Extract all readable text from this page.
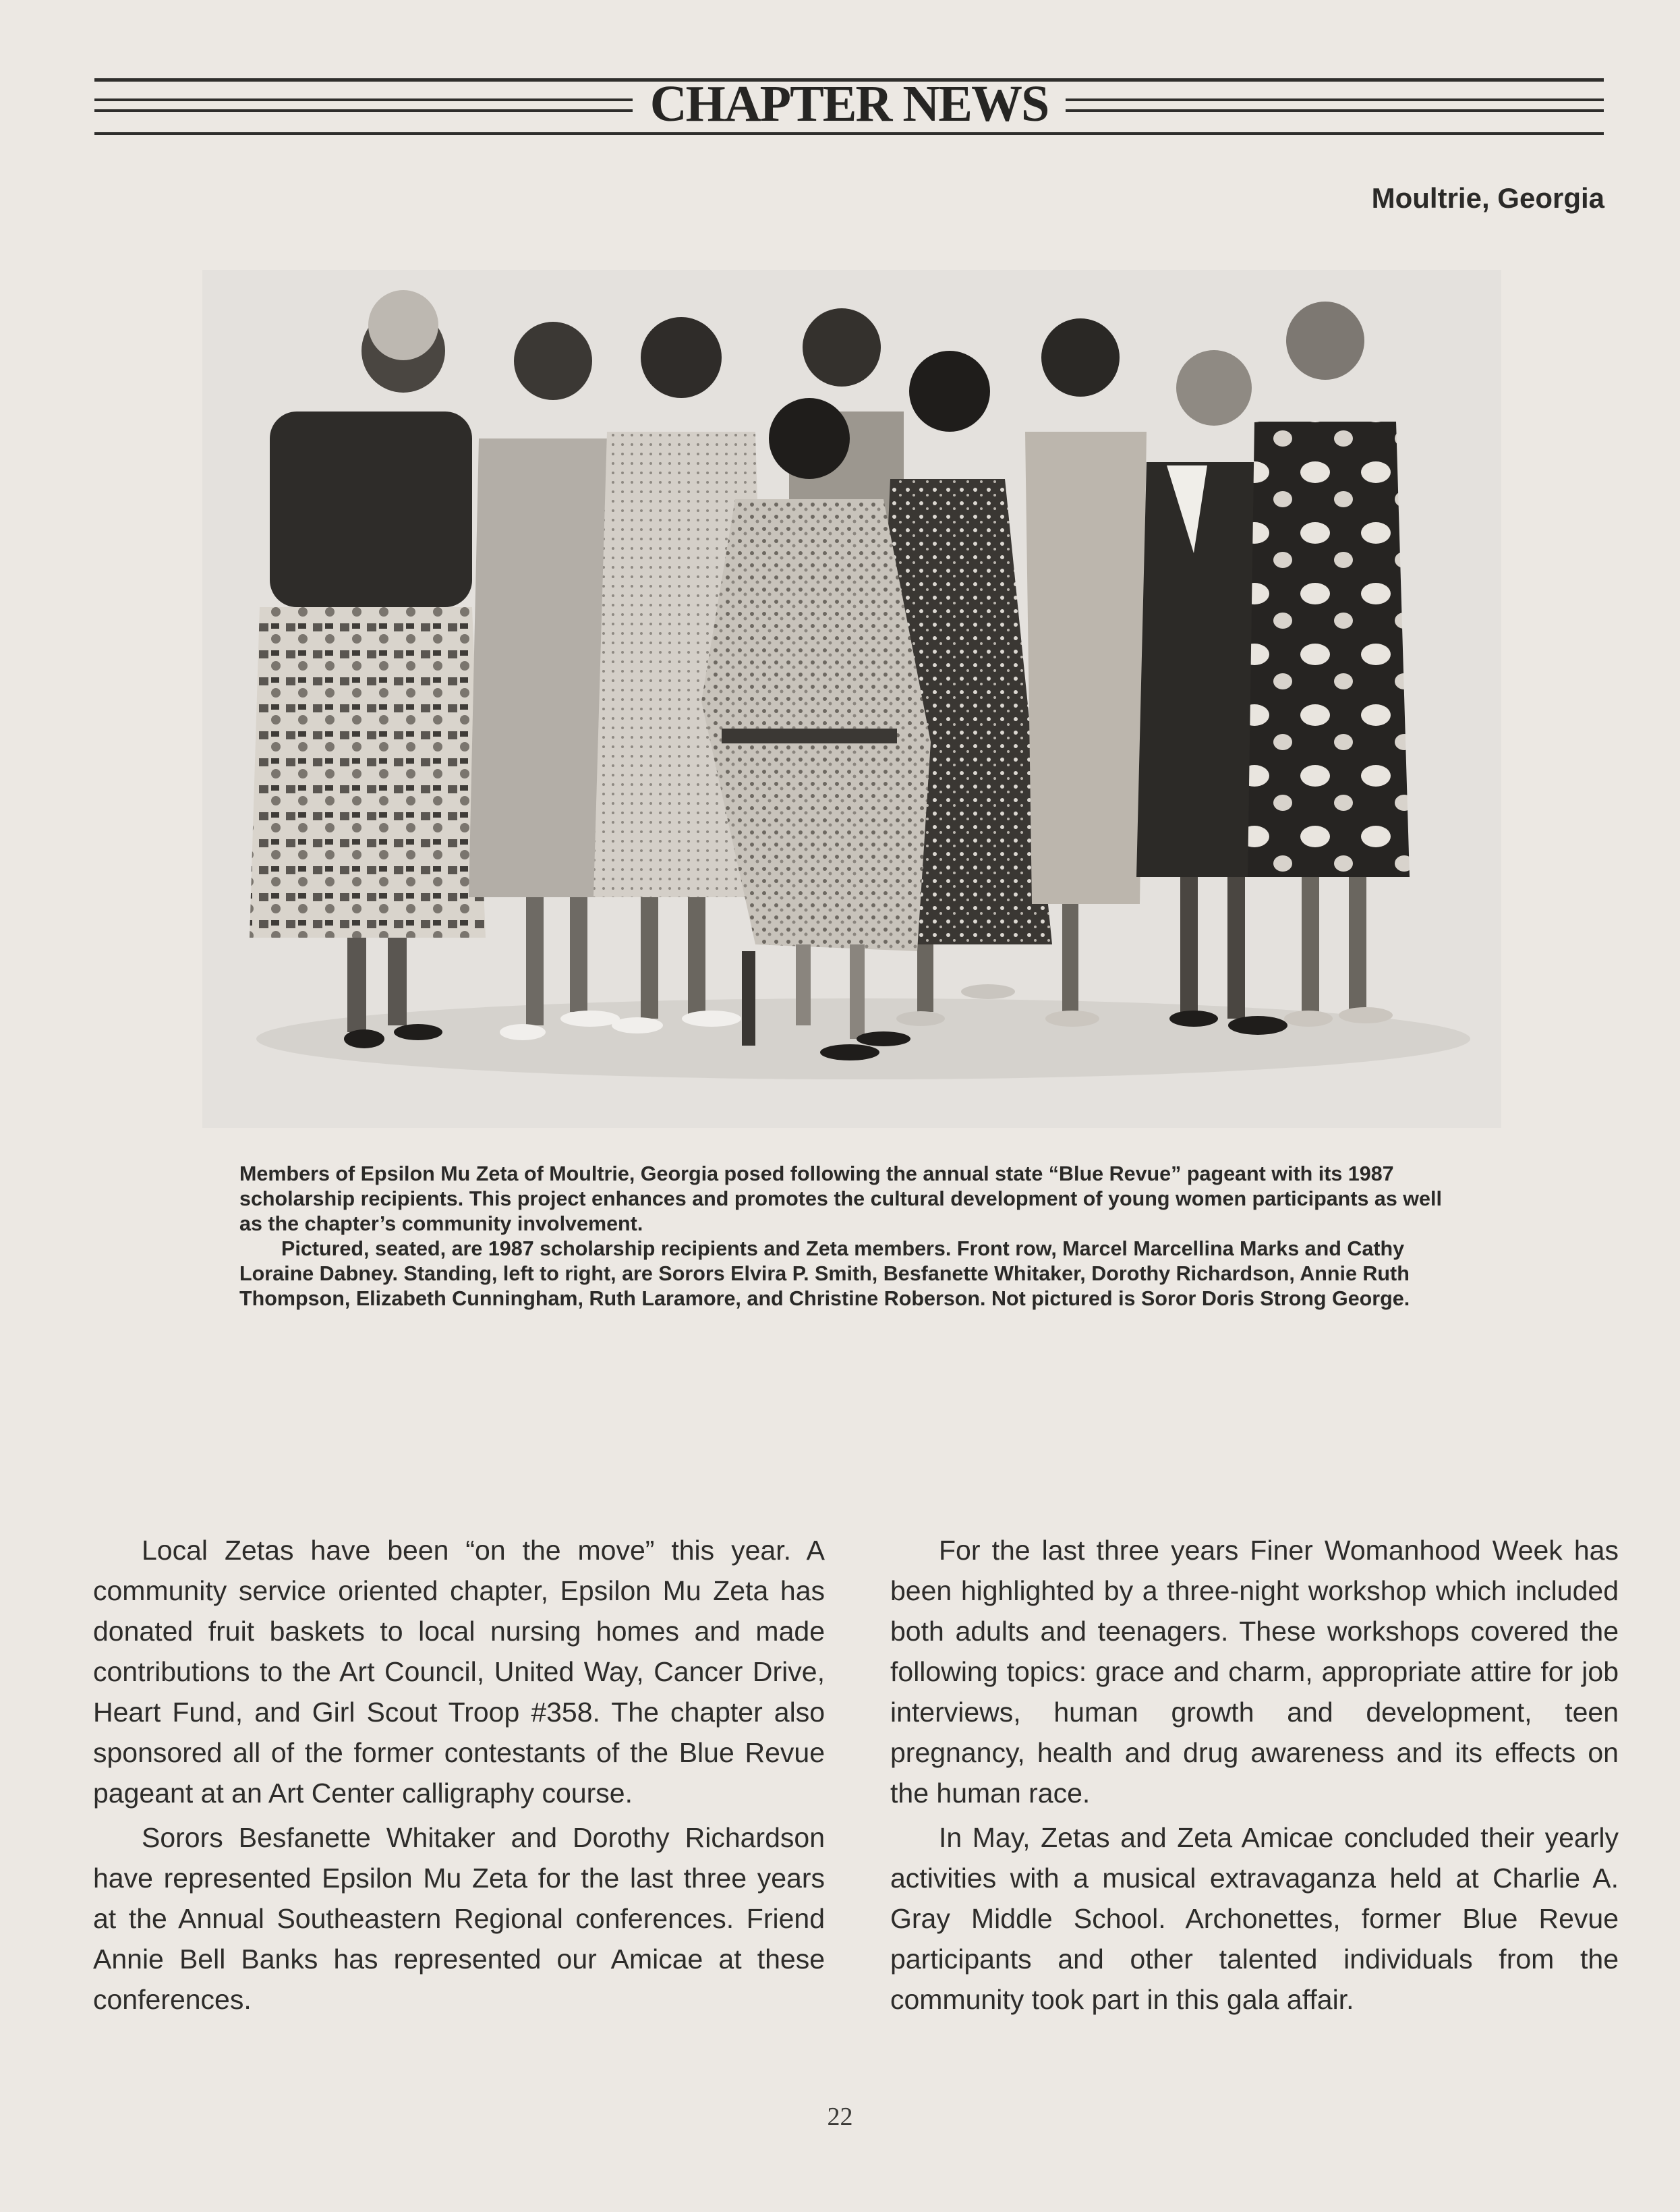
CHAPTER NEWS
Moultrie, Georgia

Members of Epsilon Mu Zeta of Moultrie, Georgia posed following the annual state “Blue Revue” pageant with its 1987 scholarship recipients. This project enhances and promotes the cultural development of young women participants as well as the chapter’s community involvement.

Pictured, seated, are 1987 scholarship recipients and Zeta members. Front row, Marcel Marcellina Marks and Cathy Loraine Dabney. Standing, left to right, are Sorors Elvira P. Smith, Besfanette Whitaker, Dorothy Richardson, Annie Ruth Thompson, Elizabeth Cunningham, Ruth Laramore, and Christine Roberson. Not pictured is Soror Doris Strong George.

Local Zetas have been “on the move” this year. A community service oriented chapter, Epsilon Mu Zeta has donated fruit baskets to local nursing homes and made contributions to the Art Council, United Way, Cancer Drive, Heart Fund, and Girl Scout Troop #358. The chapter also sponsored all of the former contestants of the Blue Revue pageant at an Art Center calligraphy course.

Sorors Besfanette Whitaker and Dorothy Richardson have represented Epsilon Mu Zeta for the last three years at the Annual Southeastern Regional conferences. Friend Annie Bell Banks has represented our Amicae at these conferences.

For the last three years Finer Womanhood Week has been highlighted by a three-night workshop which included both adults and teenagers. These workshops covered the following topics: grace and charm, appropriate attire for job interviews, human growth and development, teen pregnancy, health and drug awareness and its effects on the human race.

In May, Zetas and Zeta Amicae concluded their yearly activities with a musical extravaganza held at Charlie A. Gray Middle School. Archonettes, former Blue Revue participants and other talented individuals from the community took part in this gala affair.

22
